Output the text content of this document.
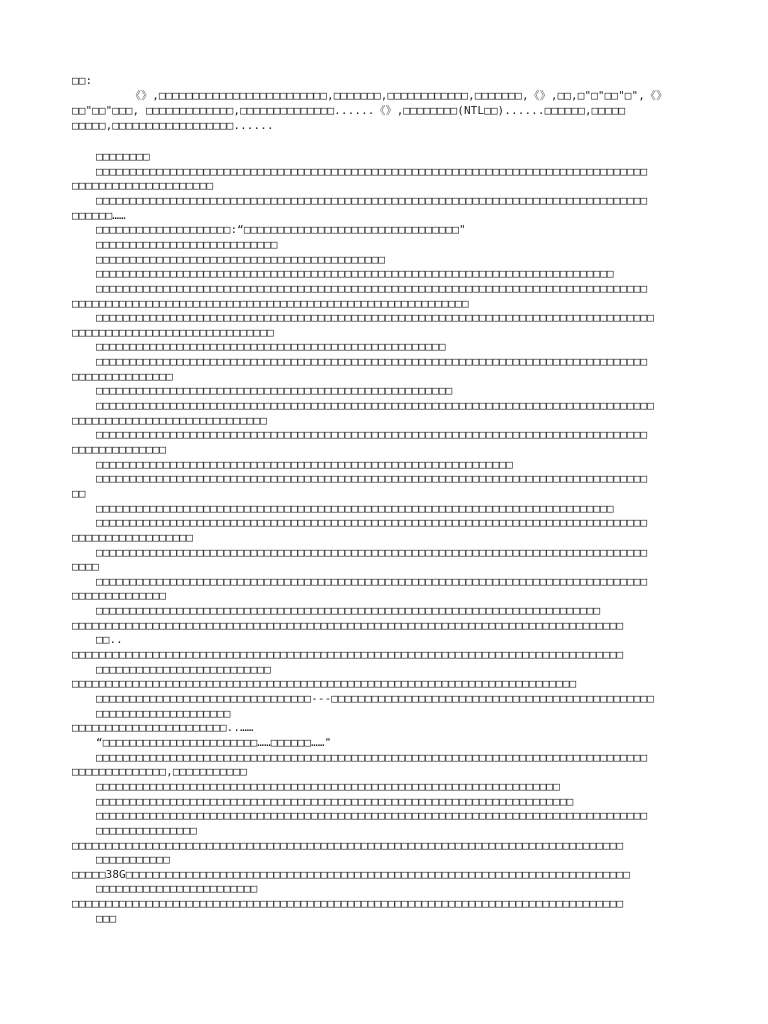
□□:
《》,□□□□□□□□□□□□□□□□□□□□□□□□□,□□□□□□□,□□□□□□□□□□□□,□□□□□□□,《》,□□,□"□"□□"□",《》
□□"□□"□□□, □□□□□□□□□□□□□,□□□□□□□□□□□□□□......《》,□□□□□□□□(NTL□□)......□□□□□□,□□□□□
□□□□□,□□□□□□□□□□□□□□□□□□......
□□□□□□□□
□□□□□□□□□□□□□□□□□□□□□□□□□□□□□□□□□□□□□□□□□□□□□□□□□□□□□□□□□□□□□□□□□□□□□□□□□□□□□□□□□□
□□□□□□□□□□□□□□□□□□□□□
□□□□□□□□□□□□□□□□□□□□□□□□□□□□□□□□□□□□□□□□□□□□□□□□□□□□□□□□□□□□□□□□□□□□□□□□□□□□□□□□□□
□□□□□□……
□□□□□□□□□□□□□□□□□□□□:“□□□□□□□□□□□□□□□□□□□□□□□□□□□□□□□□"
□□□□□□□□□□□□□□□□□□□□□□□□□□□
□□□□□□□□□□□□□□□□□□□□□□□□□□□□□□□□□□□□□□□□□□□
□□□□□□□□□□□□□□□□□□□□□□□□□□□□□□□□□□□□□□□□□□□□□□□□□□□□□□□□□□□□□□□□□□□□□□□□□□□□□
□□□□□□□□□□□□□□□□□□□□□□□□□□□□□□□□□□□□□□□□□□□□□□□□□□□□□□□□□□□□□□□□□□□□□□□□□□□□□□□□□□
□□□□□□□□□□□□□□□□□□□□□□□□□□□□□□□□□□□□□□□□□□□□□□□□□□□□□□□□□□□
□□□□□□□□□□□□□□□□□□□□□□□□□□□□□□□□□□□□□□□□□□□□□□□□□□□□□□□□□□□□□□□□□□□□□□□□□□□□□□□□□□□
□□□□□□□□□□□□□□□□□□□□□□□□□□□□□□
□□□□□□□□□□□□□□□□□□□□□□□□□□□□□□□□□□□□□□□□□□□□□□□□□□□□
□□□□□□□□□□□□□□□□□□□□□□□□□□□□□□□□□□□□□□□□□□□□□□□□□□□□□□□□□□□□□□□□□□□□□□□□□□□□□□□□□□
□□□□□□□□□□□□□□□
□□□□□□□□□□□□□□□□□□□□□□□□□□□□□□□□□□□□□□□□□□□□□□□□□□□□□
□□□□□□□□□□□□□□□□□□□□□□□□□□□□□□□□□□□□□□□□□□□□□□□□□□□□□□□□□□□□□□□□□□□□□□□□□□□□□□□□□□□
□□□□□□□□□□□□□□□□□□□□□□□□□□□□□
□□□□□□□□□□□□□□□□□□□□□□□□□□□□□□□□□□□□□□□□□□□□□□□□□□□□□□□□□□□□□□□□□□□□□□□□□□□□□□□□□□
□□□□□□□□□□□□□□
□□□□□□□□□□□□□□□□□□□□□□□□□□□□□□□□□□□□□□□□□□□□□□□□□□□□□□□□□□□□□□
□□□□□□□□□□□□□□□□□□□□□□□□□□□□□□□□□□□□□□□□□□□□□□□□□□□□□□□□□□□□□□□□□□□□□□□□□□□□□□□□□□
□□
□□□□□□□□□□□□□□□□□□□□□□□□□□□□□□□□□□□□□□□□□□□□□□□□□□□□□□□□□□□□□□□□□□□□□□□□□□□□□
□□□□□□□□□□□□□□□□□□□□□□□□□□□□□□□□□□□□□□□□□□□□□□□□□□□□□□□□□□□□□□□□□□□□□□□□□□□□□□□□□□
□□□□□□□□□□□□□□□□□□
□□□□□□□□□□□□□□□□□□□□□□□□□□□□□□□□□□□□□□□□□□□□□□□□□□□□□□□□□□□□□□□□□□□□□□□□□□□□□□□□□□
□□□□
□□□□□□□□□□□□□□□□□□□□□□□□□□□□□□□□□□□□□□□□□□□□□□□□□□□□□□□□□□□□□□□□□□□□□□□□□□□□□□□□□□
□□□□□□□□□□□□□□
□□□□□□□□□□□□□□□□□□□□□□□□□□□□□□□□□□□□□□□□□□□□□□□□□□□□□□□□□□□□□□□□□□□□□□□□□□□
□□□□□□□□□□□□□□□□□□□□□□□□□□□□□□□□□□□□□□□□□□□□□□□□□□□□□□□□□□□□□□□□□□□□□□□□□□□□□□□□□□
□□..
□□□□□□□□□□□□□□□□□□□□□□□□□□□□□□□□□□□□□□□□□□□□□□□□□□□□□□□□□□□□□□□□□□□□□□□□□□□□□□□□□□
□□□□□□□□□□□□□□□□□□□□□□□□□□
□□□□□□□□□□□□□□□□□□□□□□□□□□□□□□□□□□□□□□□□□□□□□□□□□□□□□□□□□□□□□□□□□□□□□□□□□□□
□□□□□□□□□□□□□□□□□□□□□□□□□□□□□□□□---□□□□□□□□□□□□□□□□□□□□□□□□□□□□□□□□□□□□□□□□□□□□□□□□
□□□□□□□□□□□□□□□□□□□□
□□□□□□□□□□□□□□□□□□□□□□□..……
“□□□□□□□□□□□□□□□□□□□□□□□……□□□□□□……"
□□□□□□□□□□□□□□□□□□□□□□□□□□□□□□□□□□□□□□□□□□□□□□□□□□□□□□□□□□□□□□□□□□□□□□□□□□□□□□□□□□
□□□□□□□□□□□□□□,□□□□□□□□□□□
□□□□□□□□□□□□□□□□□□□□□□□□□□□□□□□□□□□□□□□□□□□□□□□□□□□□□□□□□□□□□□□□□□□□□
□□□□□□□□□□□□□□□□□□□□□□□□□□□□□□□□□□□□□□□□□□□□□□□□□□□□□□□□□□□□□□□□□□□□□□□
□□□□□□□□□□□□□□□□□□□□□□□□□□□□□□□□□□□□□□□□□□□□□□□□□□□□□□□□□□□□□□□□□□□□□□□□□□□□□□□□□□
□□□□□□□□□□□□□□□
□□□□□□□□□□□□□□□□□□□□□□□□□□□□□□□□□□□□□□□□□□□□□□□□□□□□□□□□□□□□□□□□□□□□□□□□□□□□□□□□□□
□□□□□□□□□□□
□□□□□38G□□□□□□□□□□□□□□□□□□□□□□□□□□□□□□□□□□□□□□□□□□□□□□□□□□□□□□□□□□□□□□□□□□□□□□□□□□□
□□□□□□□□□□□□□□□□□□□□□□□□
□□□□□□□□□□□□□□□□□□□□□□□□□□□□□□□□□□□□□□□□□□□□□□□□□□□□□□□□□□□□□□□□□□□□□□□□□□□□□□□□□□
□□□
